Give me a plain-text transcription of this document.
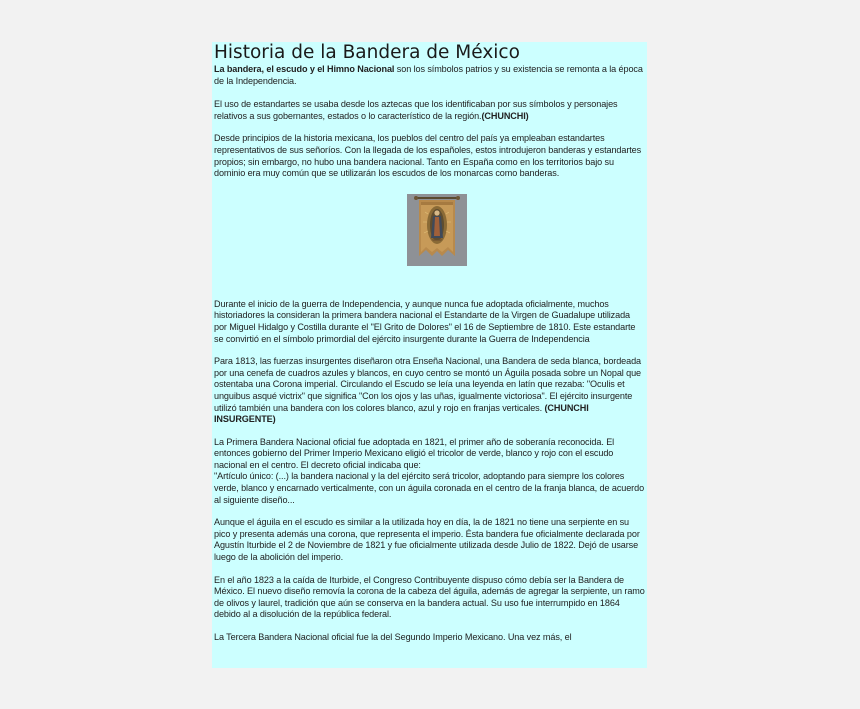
Historia de la Bandera de México

La bandera, el escudo y el Himno Nacional son los símbolos patrios y su existencia se remonta a la época de la Independencia.

El uso de estandartes se usaba desde los aztecas que los identificaban por sus símbolos y personajes relativos a sus gobernantes, estados o lo característico de la región.(CHUNCHI)

Desde principios de la historia mexicana, los pueblos del centro del país ya empleaban estandartes representativos de sus señoríos. Con la llegada de los españoles, estos introdujeron banderas y estandartes propios; sin embargo, no hubo una bandera nacional. Tanto en España como en los territorios bajo su dominio era muy común que se utilizarán los escudos de los monarcas como banderas.

Durante el inicio de la guerra de Independencia, y aunque nunca fue adoptada oficialmente, muchos historiadores la consideran la primera bandera nacional el Estandarte de la Virgen de Guadalupe utilizada por Miguel Hidalgo y Costilla durante el "El Grito de Dolores" el 16 de Septiembre de 1810. Este estandarte se convirtió en el símbolo primordial del ejército insurgente durante la Guerra de Independencia

Para 1813, las fuerzas insurgentes diseñaron otra Enseña Nacional, una Bandera de seda blanca, bordeada por una cenefa de cuadros azules y blancos, en cuyo centro se montó un Águila posada sobre un Nopal que ostentaba una Corona imperial. Circulando el Escudo se leía una leyenda en latín que rezaba: "Oculis et unguibus asqué victrix" que significa "Con los ojos y las uñas, igualmente victoriosa". El ejército insurgente utilizó también una bandera con los colores blanco, azul y rojo en franjas verticales. (CHUNCHI INSURGENTE)

La Primera Bandera Nacional oficial fue adoptada en 1821, el primer año de soberanía reconocida. El entonces gobierno del Primer Imperio Mexicano eligió el tricolor de verde, blanco y rojo con el escudo nacional en el centro. El decreto oficial indicaba que:
"Artículo único: (...) la bandera nacional y la del ejército será tricolor, adoptando para siempre los colores verde, blanco y encarnado verticalmente, con un águila coronada en el centro de la franja blanca, de acuerdo al siguiente diseño...

Aunque el águila en el escudo es similar a la utilizada hoy en día, la de 1821 no tiene una serpiente en su pico y presenta además una corona, que representa el imperio. Ésta bandera fue oficialmente declarada por Agustín Iturbide el 2 de Noviembre de 1821 y fue oficialmente utilizada desde Julio de 1822. Dejó de usarse luego de la abolición del imperio.

En el año 1823 a la caída de Iturbide, el Congreso Contribuyente dispuso cómo debía ser la Bandera de México. El nuevo diseño removía la corona de la cabeza del águila, además de agregar la serpiente, un ramo de olivos y laurel, tradición que aún se conserva en la bandera actual. Su uso fue interrumpido en 1864 debido al a disolución de la república federal.

La Tercera Bandera Nacional oficial fue la del Segundo Imperio Mexicano. Una vez más, el
